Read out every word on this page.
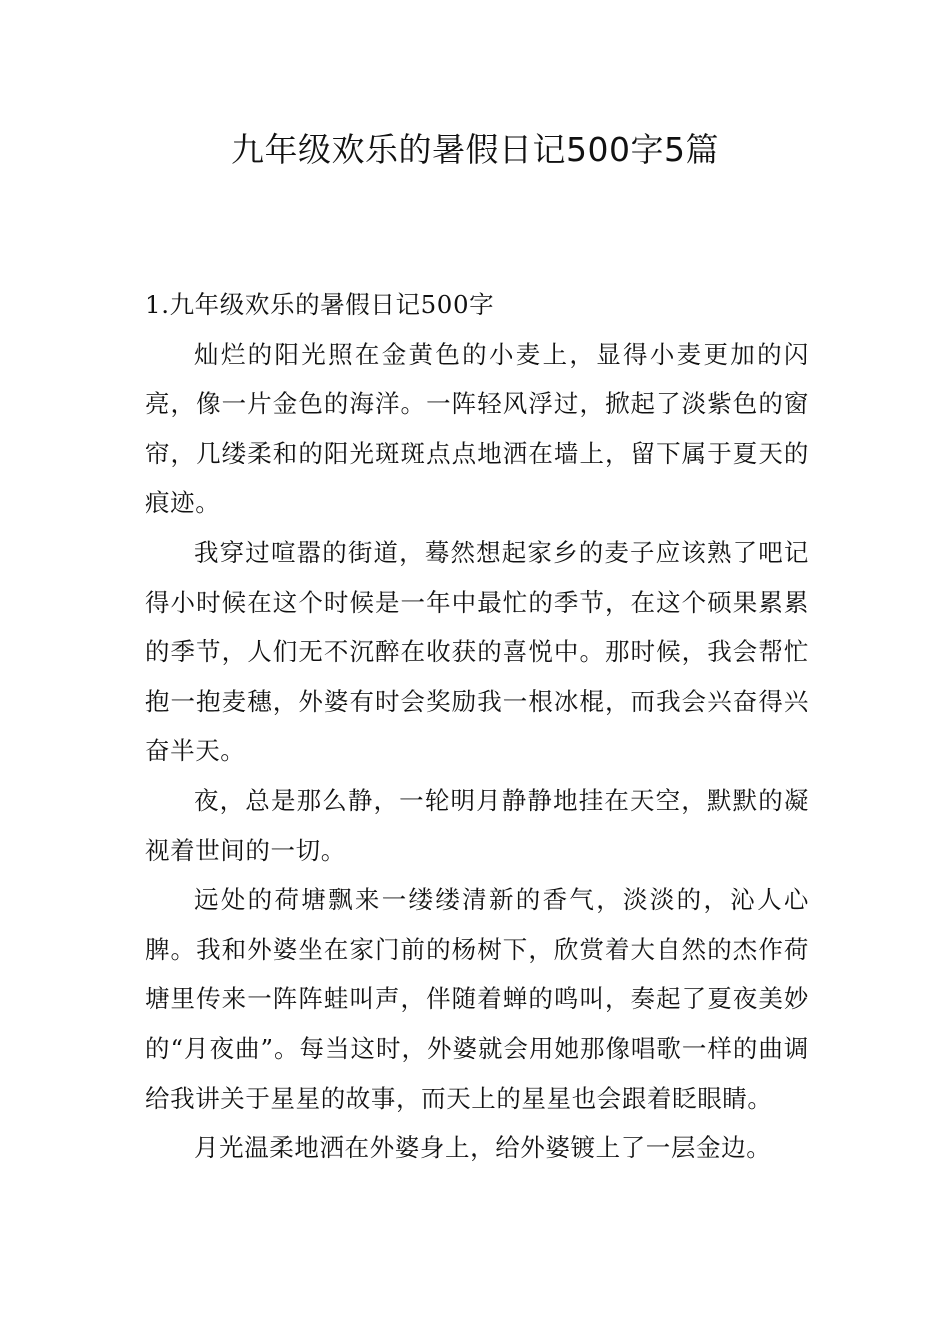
九年级欢乐的暑假日记500字5篇
1.九年级欢乐的暑假日记500字

灿烂的阳光照在金黄色的小麦上，显得小麦更加的闪亮，像一片金色的海洋。一阵轻风浮过，掀起了淡紫色的窗帘，几缕柔和的阳光斑斑点点地洒在墙上，留下属于夏天的痕迹。

我穿过喧嚣的街道，蓦然想起家乡的麦子应该熟了吧记得小时候在这个时候是一年中最忙的季节，在这个硕果累累的季节，人们无不沉醉在收获的喜悦中。那时候，我会帮忙抱一抱麦穗，外婆有时会奖励我一根冰棍，而我会兴奋得兴奋半天。

夜，总是那么静，一轮明月静静地挂在天空，默默的凝视着世间的一切。

远处的荷塘飘来一缕缕清新的香气，淡淡的，沁人心脾。我和外婆坐在家门前的杨树下，欣赏着大自然的杰作荷塘里传来一阵阵蛙叫声，伴随着蝉的鸣叫，奏起了夏夜美妙的“月夜曲”。每当这时，外婆就会用她那像唱歌一样的曲调给我讲关于星星的故事，而天上的星星也会跟着眨眼睛。

月光温柔地洒在外婆身上，给外婆镀上了一层金边。
